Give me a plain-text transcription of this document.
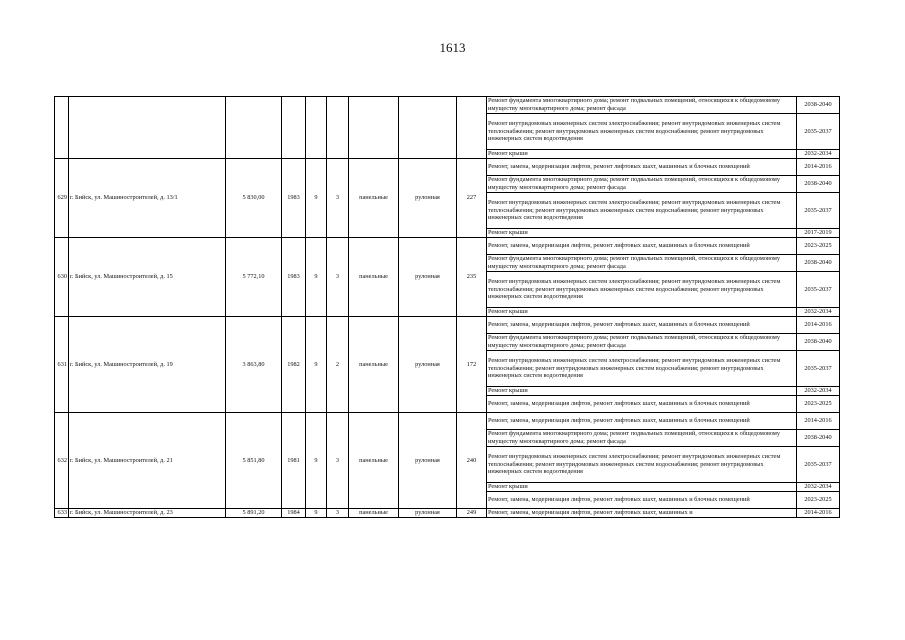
1613
									Ремонт фундамента многоквартирного дома; ремонт подвальных помещений, относящихся к общедомовому имуществу многоквартирного дома; ремонт фасада	2038-2040
									Ремонт внутридомовых инженерных систем электроснабжения; ремонт внутридомовых инженерных систем теплоснабжения; ремонт внутридомовых инженерных систем водоснабжения; ремонт внутридомовых инженерных систем водоотведения	2035-2037
									Ремонт крыши	2032-2034
629	г. Бийск, ул. Машиностроителей, д. 13/1	5 830,00	1983	9	3	панельные	рулонная	227	Ремонт, замена, модернизация лифтов, ремонт лифтовых шахт, машинных и блочных помещений	2014-2016
									Ремонт фундамента многоквартирного дома; ремонт подвальных помещений, относящихся к общедомовому имуществу многоквартирного дома; ремонт фасада	2038-2040
									Ремонт внутридомовых инженерных систем электроснабжения; ремонт внутридомовых инженерных систем теплоснабжения; ремонт внутридомовых инженерных систем водоснабжения; ремонт внутридомовых инженерных систем водоотведения	2035-2037
									Ремонт крыши	2017-2019
630	г. Бийск, ул. Машиностроителей, д. 15	5 772,10	1983	9	3	панельные	рулонная	235	Ремонт, замена, модернизация лифтов, ремонт лифтовых шахт, машинных и блочных помещений	2023-2025
									Ремонт фундамента многоквартирного дома; ремонт подвальных помещений, относящихся к общедомовому имуществу многоквартирного дома; ремонт фасада	2038-2040
									Ремонт внутридомовых инженерных систем электроснабжения; ремонт внутридомовых инженерных систем теплоснабжения; ремонт внутридомовых инженерных систем водоснабжения; ремонт внутридомовых инженерных систем водоотведения	2035-2037
									Ремонт крыши	2032-2034
631	г. Бийск, ул. Машиностроителей, д. 19	3 863,80	1982	9	2	панельные	рулонная	172	Ремонт, замена, модернизация лифтов, ремонт лифтовых шахт, машинных и блочных помещений	2014-2016
									Ремонт фундамента многоквартирного дома; ремонт подвальных помещений, относящихся к общедомовому имуществу многоквартирного дома; ремонт фасада	2038-2040
									Ремонт внутридомовых инженерных систем электроснабжения; ремонт внутридомовых инженерных систем теплоснабжения; ремонт внутридомовых инженерных систем водоснабжения; ремонт внутридомовых инженерных систем водоотведения	2035-2037
									Ремонт крыши	2032-2034
									Ремонт, замена, модернизация лифтов, ремонт лифтовых шахт, машинных и блочных помещений	2023-2025
632	г. Бийск, ул. Машиностроителей, д. 21	5 851,80	1981	9	3	панельные	рулонная	240	Ремонт, замена, модернизация лифтов, ремонт лифтовых шахт, машинных и блочных помещений	2014-2016
									Ремонт фундамента многоквартирного дома; ремонт подвальных помещений, относящихся к общедомовому имуществу многоквартирного дома; ремонт фасада	2038-2040
									Ремонт внутридомовых инженерных систем электроснабжения; ремонт внутридомовых инженерных систем теплоснабжения; ремонт внутридомовых инженерных систем водоснабжения; ремонт внутридомовых инженерных систем водоотведения	2035-2037
									Ремонт крыши	2032-2034
									Ремонт, замена, модернизация лифтов, ремонт лифтовых шахт, машинных и блочных помещений	2023-2025
633	г. Бийск, ул. Машиностроителей, д. 23	5 891,20	1984	9	3	панельные	рулонная	249	Ремонт, замена, модернизация лифтов, ремонт лифтовых шахт, машинных и	2014-2016
